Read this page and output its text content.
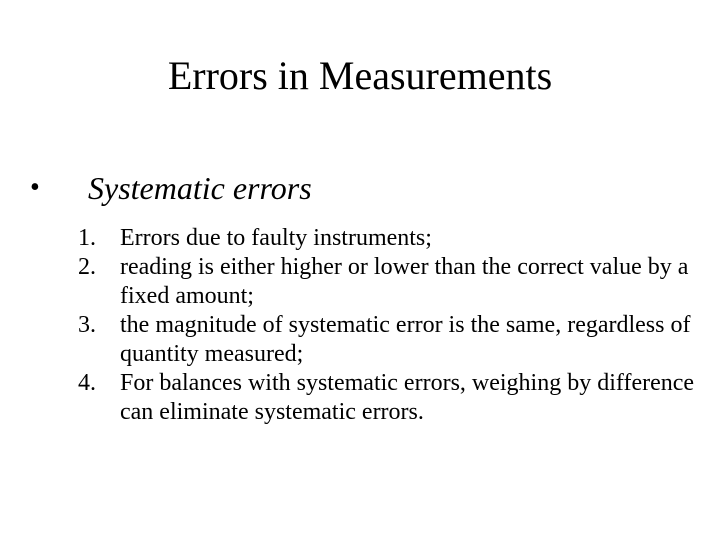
Errors in Measurements
•	Systematic errors
1.	Errors due to faulty instruments;
2.	reading is either higher or lower than the correct value by a fixed amount;
3.	the magnitude of systematic error is the same, regardless of quantity measured;
4.	For balances with systematic errors, weighing by difference can eliminate systematic errors.
